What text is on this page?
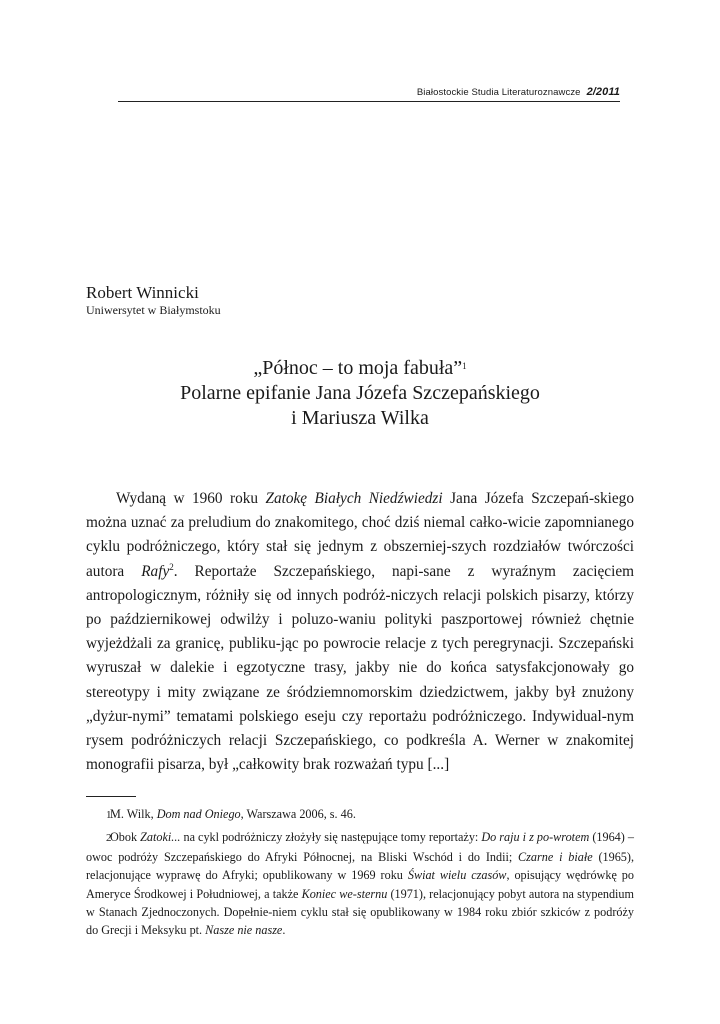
Białostockie Studia Literaturoznawcze 2/2011
Robert Winnicki
Uniwersytet w Białymstoku
„Północ – to moja fabuła”$^1$
Polarne epifanie Jana Józefa Szczepańskiego
i Mariusza Wilka

Wydaną w 1960 roku Zatokę Białych Niedźwiedzi Jana Józefa Szczepań-skiego można uznać za preludium do znakomitego, choć dziś niemal całko-wicie zapomnianego cyklu podróżniczego, który stał się jednym z obszerniej-szych rozdziałów twórczości autora Rafy$^2$. Reportaże Szczepańskiego, napi-sane z wyraźnym zacięciem antropologicznym, różniły się od innych podróż-niczych relacji polskich pisarzy, którzy po październikowej odwilży i poluzo-waniu polityki paszportowej również chętnie wyjeżdżali za granicę, publiku-jąc po powrocie relacje z tych peregrynacji. Szczepański wyruszał w dalekie i egzotyczne trasy, jakby nie do końca satysfakcjonowały go stereotypy i mity związane ze śródziemnomorskim dziedzictwem, jakby był znużony „dyżur-nymi” tematami polskiego eseju czy reportażu podróżniczego. Indywidual-nym rysem podróżniczych relacji Szczepańskiego, co podkreśla A. Werner w znakomitej monografii pisarza, był „całkowity brak rozważań typu [...]

1M. Wilk, Dom nad Oniego, Warszawa 2006, s. 46.

2Obok Zatoki... na cykl podróżniczy złożyły się następujące tomy reportaży: Do raju i z po-wrotem (1964) – owoc podróży Szczepańskiego do Afryki Północnej, na Bliski Wschód i do Indii; Czarne i białe (1965), relacjonujące wyprawę do Afryki; opublikowany w 1969 roku Świat wielu czasów, opisujący wędrówkę po Ameryce Środkowej i Południowej, a także Koniec we-sternu (1971), relacjonujący pobyt autora na stypendium w Stanach Zjednoczonych. Dopełnie-niem cyklu stał się opublikowany w 1984 roku zbiór szkiców z podróży do Grecji i Meksyku pt. Nasze nie nasze.
